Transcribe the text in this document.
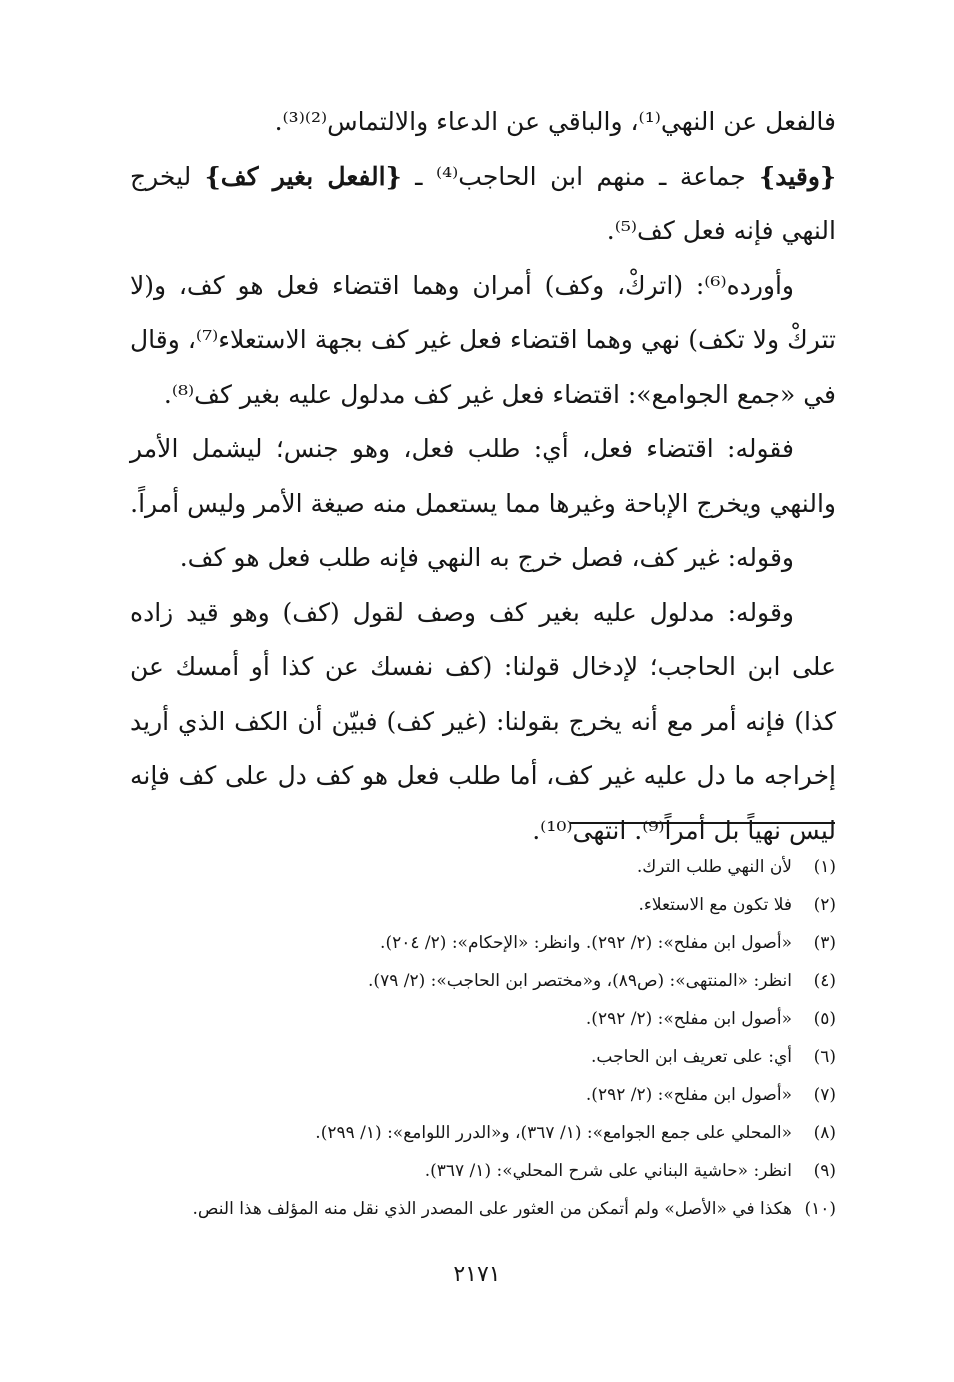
فالفعل عن النهي⁽¹⁾، والباقي عن الدعاء والالتماس⁽²⁾⁽³⁾.

{وقيد} جماعة ـ منهم ابن الحاجب⁽⁴⁾ ـ {الفعل بغير كف} ليخرج النهي فإنه فعل كف⁽⁵⁾.

وأورده⁽⁶⁾: (اتركْ، وكف) أمران وهما اقتضاء فعل هو كف، و(لا تتركْ ولا تكف) نهي وهما اقتضاء فعل غير كف بجهة الاستعلاء⁽⁷⁾، وقال في «جمع الجوامع»: اقتضاء فعل غير كف مدلول عليه بغير كف⁽⁸⁾.

فقوله: اقتضاء فعل، أي: طلب فعل، وهو جنس؛ ليشمل الأمر والنهي ويخرج الإباحة وغيرها مما يستعمل منه صيغة الأمر وليس أمراً.

وقوله: غير كف، فصل خرج به النهي فإنه طلب فعل هو كف.

وقوله: مدلول عليه بغير كف وصف لقول (كف) وهو قيد زاده على ابن الحاجب؛ لإدخال قولنا: (كف نفسك عن كذا أو أمسك عن كذا) فإنه أمر مع أنه يخرج بقولنا: (غير كف) فبيّن أن الكف الذي أريد إخراجه ما دل عليه غير كف، أما طلب فعل هو كف دل على كف فإنه ليس نهياً بل أمراً⁽⁹⁾. انتهى⁽¹⁰⁾.

(١)لأن النهي طلب الترك.
(٢)فلا تكون مع الاستعلاء.
(٣)«أصول ابن مفلح»: (٢/ ٢٩٢). وانظر: «الإحكام»: (٢/ ٢٠٤).
(٤)انظر: «المنتهى»: (ص٨٩)، و«مختصر ابن الحاجب»: (٢/ ٧٩).
(٥)«أصول ابن مفلح»: (٢/ ٢٩٢).
(٦)أي: على تعريف ابن الحاجب.
(٧)«أصول ابن مفلح»: (٢/ ٢٩٢).
(٨)«المحلي على جمع الجوامع»: (١/ ٣٦٧)، و«الدرر اللوامع»: (١/ ٢٩٩).
(٩)انظر: «حاشية البناني على شرح المحلي»: (١/ ٣٦٧).
(١٠)هكذا في «الأصل» ولم أتمكن من العثور على المصدر الذي نقل منه المؤلف هذا النص.
٢١٧١
